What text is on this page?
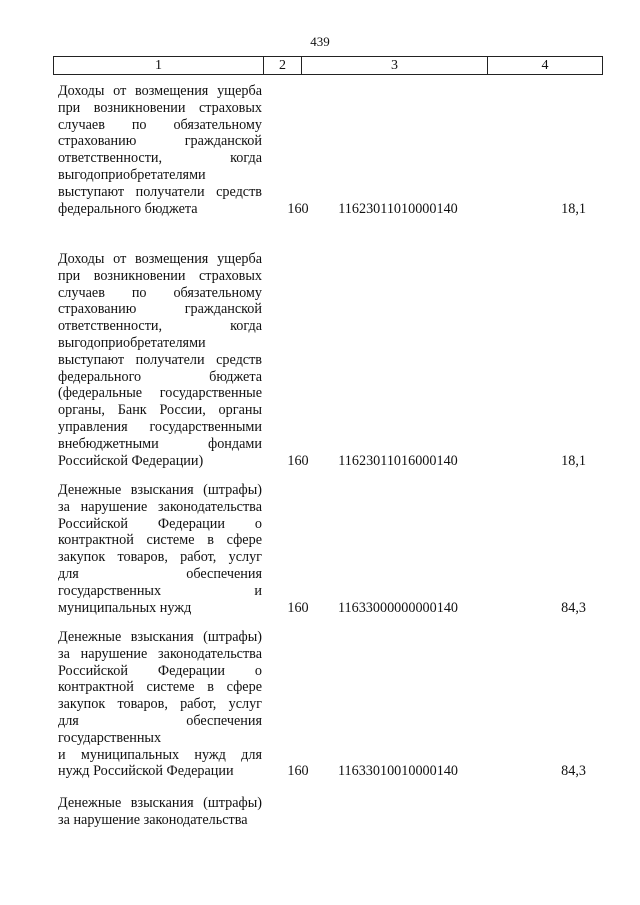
439
1	2	3	4
Доходы от возмещения ущерба
при возникновении страховых
случаев по обязательному
страхованию гражданской
ответственности, когда
выгодоприобретателями
выступают получатели средств
федерального бюджета	160	11623011010000140	18,1
Доходы от возмещения ущерба
при возникновении страховых
случаев по обязательному
страхованию гражданской
ответственности, когда
выгодоприобретателями
выступают получатели средств
федерального бюджета
(федеральные государственные
органы, Банк России, органы
управления государственными
внебюджетными фондами
Российской Федерации)	160	11623011016000140	18,1
Денежные взыскания (штрафы)
за нарушение законодательства
Российской Федерации о
контрактной системе в сфере
закупок товаров, работ, услуг
для обеспечения
государственных и
муниципальных нужд	160	11633000000000140	84,3
Денежные взыскания (штрафы)
за нарушение законодательства
Российской Федерации о
контрактной системе в сфере
закупок товаров, работ, услуг
для обеспечения
государственных
и муниципальных нужд для
нужд Российской Федерации	160	11633010010000140	84,3
Денежные взыскания (штрафы)
за нарушение законодательства
